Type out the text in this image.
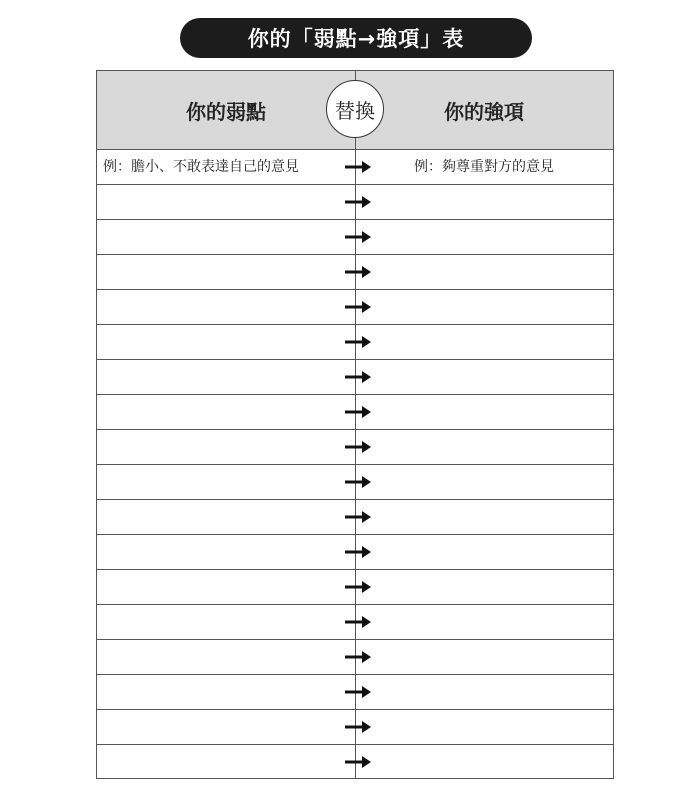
你的「弱點→強項」表
你的弱點	你的強項
替換
例：膽小、不敢表達自己的意見	例：夠尊重對方的意見
